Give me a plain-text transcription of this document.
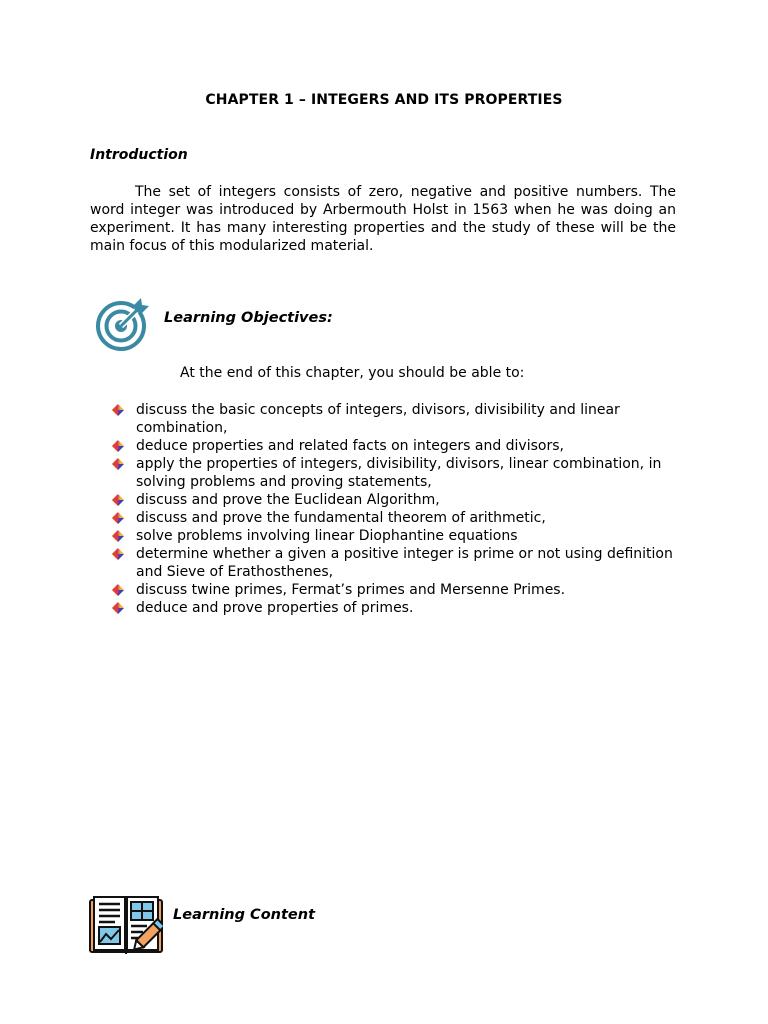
CHAPTER 1 – INTEGERS AND ITS PROPERTIES
Introduction

The set of integers consists of zero, negative and positive numbers. The word integer was introduced by Arbermouth Holst in 1563 when he was doing an experiment. It has many interesting properties and the study of these will be the main focus of this modularized material.

Learning Objectives:
At the end of this chapter, you should be able to:
discuss the basic concepts of integers, divisors, divisibility and linear combination,
deduce properties and related facts on integers and divisors,
apply the properties of integers, divisibility, divisors, linear combination, in solving problems and proving statements,
discuss and prove the Euclidean Algorithm,
discuss and prove the fundamental theorem of arithmetic,
solve problems involving linear Diophantine equations
determine whether a given a positive integer is prime or not using definition and Sieve of Erathosthenes,
discuss twine primes, Fermat’s primes and Mersenne Primes.
deduce and prove properties of primes.
Learning Content
